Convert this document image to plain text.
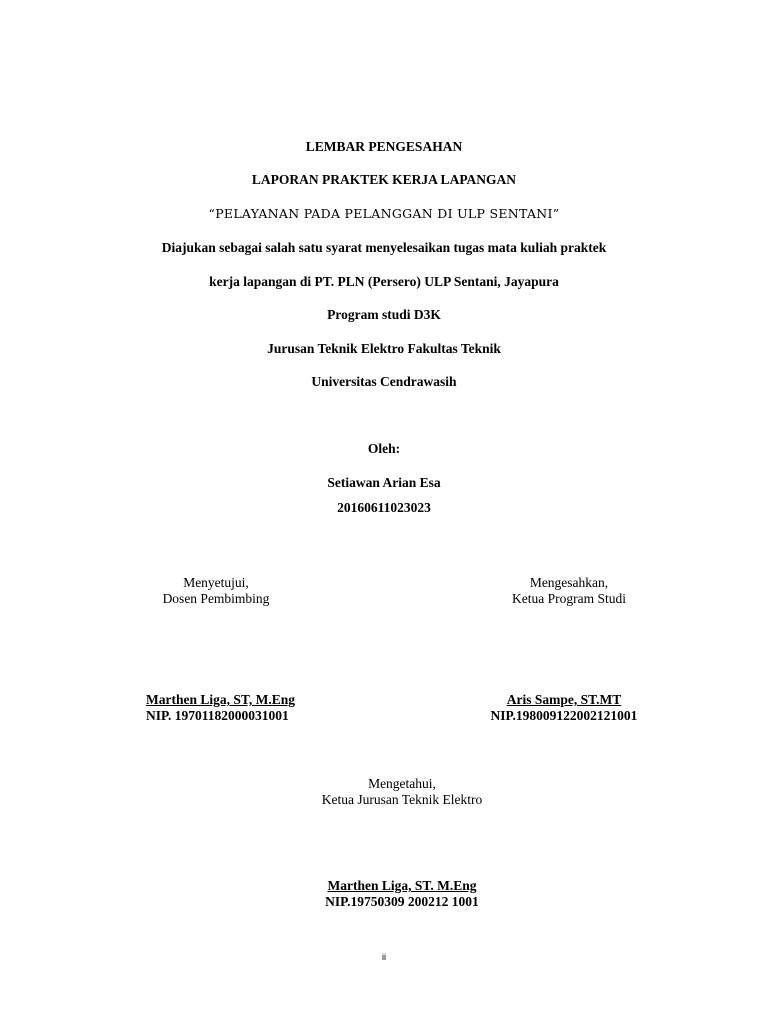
LEMBAR PENGESAHAN
LAPORAN PRAKTEK KERJA LAPANGAN
“PELAYANAN PADA PELANGGAN DI ULP SENTANI”
Diajukan sebagai salah satu syarat menyelesaikan tugas mata kuliah praktek
kerja lapangan di PT. PLN (Persero) ULP Sentani, Jayapura
Program studi D3K
Jurusan Teknik Elektro Fakultas Teknik
Universitas Cendrawasih
Oleh:
Setiawan Arian Esa
20160611023023
Menyetujui,
Dosen Pembimbing
Marthen Liga, ST, M.Eng
NIP. 19701182000031001
Mengesahkan,
Ketua Program Studi
Aris Sampe, ST.MT
NIP.198009122002121001
Mengetahui,
Ketua Jurusan Teknik Elektro
Marthen Liga, ST. M.Eng
NIP.19750309 200212 1001
ii
